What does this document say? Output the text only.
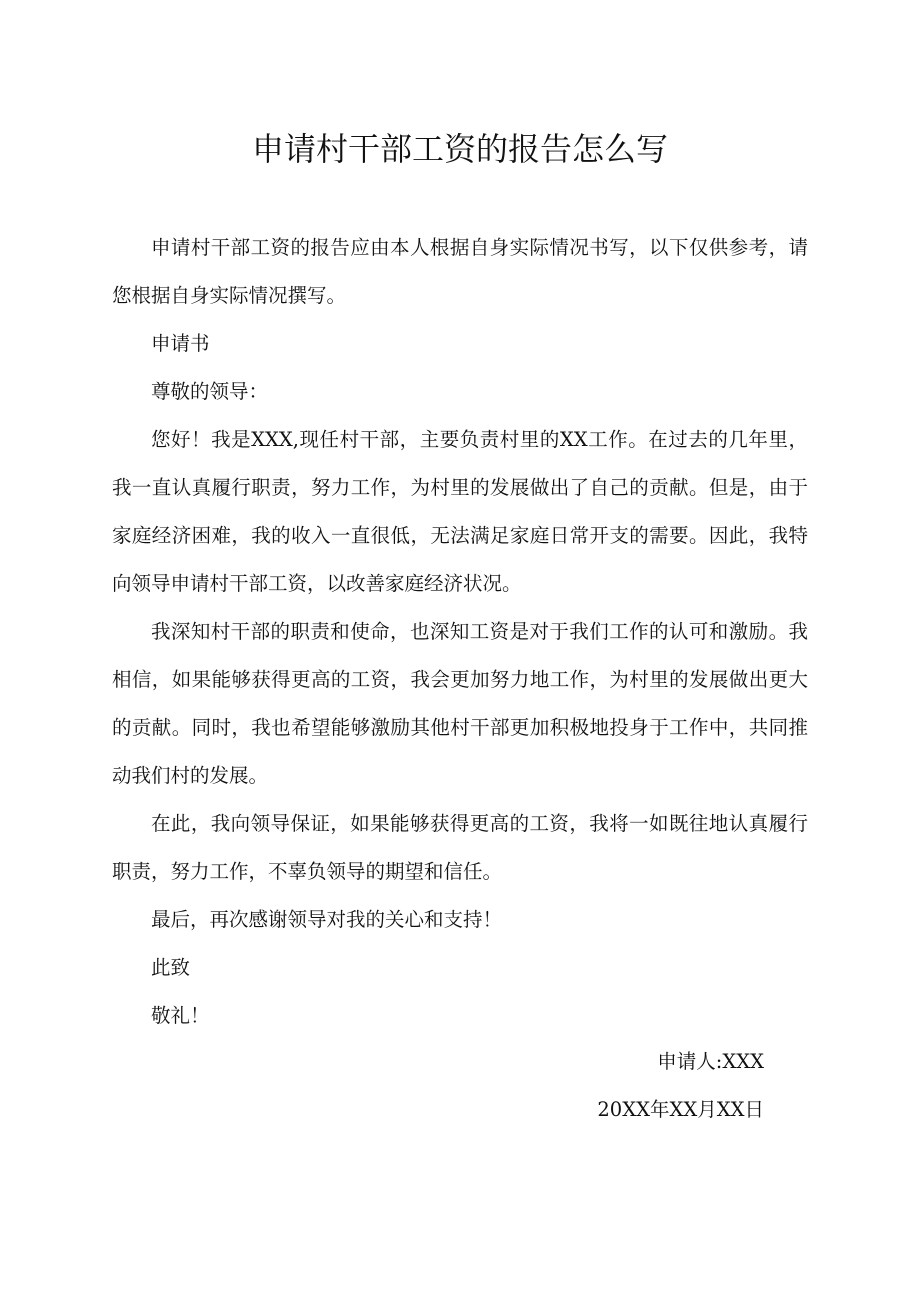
申请村干部工资的报告怎么写

申请村干部工资的报告应由本人根据自身实际情况书写，以下仅供参考，请您根据自身实际情况撰写。

申请书

尊敬的领导：

您好！我是XXX,现任村干部，主要负责村里的XX工作。在过去的几年里，我一直认真履行职责，努力工作，为村里的发展做出了自己的贡献。但是，由于家庭经济困难，我的收入一直很低，无法满足家庭日常开支的需要。因此，我特向领导申请村干部工资，以改善家庭经济状况。

我深知村干部的职责和使命，也深知工资是对于我们工作的认可和激励。我相信，如果能够获得更高的工资，我会更加努力地工作，为村里的发展做出更大的贡献。同时，我也希望能够激励其他村干部更加积极地投身于工作中，共同推动我们村的发展。

在此，我向领导保证，如果能够获得更高的工资，我将一如既往地认真履行职责，努力工作，不辜负领导的期望和信任。

最后，再次感谢领导对我的关心和支持！

此致

敬礼！

申请人:XXX
20XX年XX月XX日
